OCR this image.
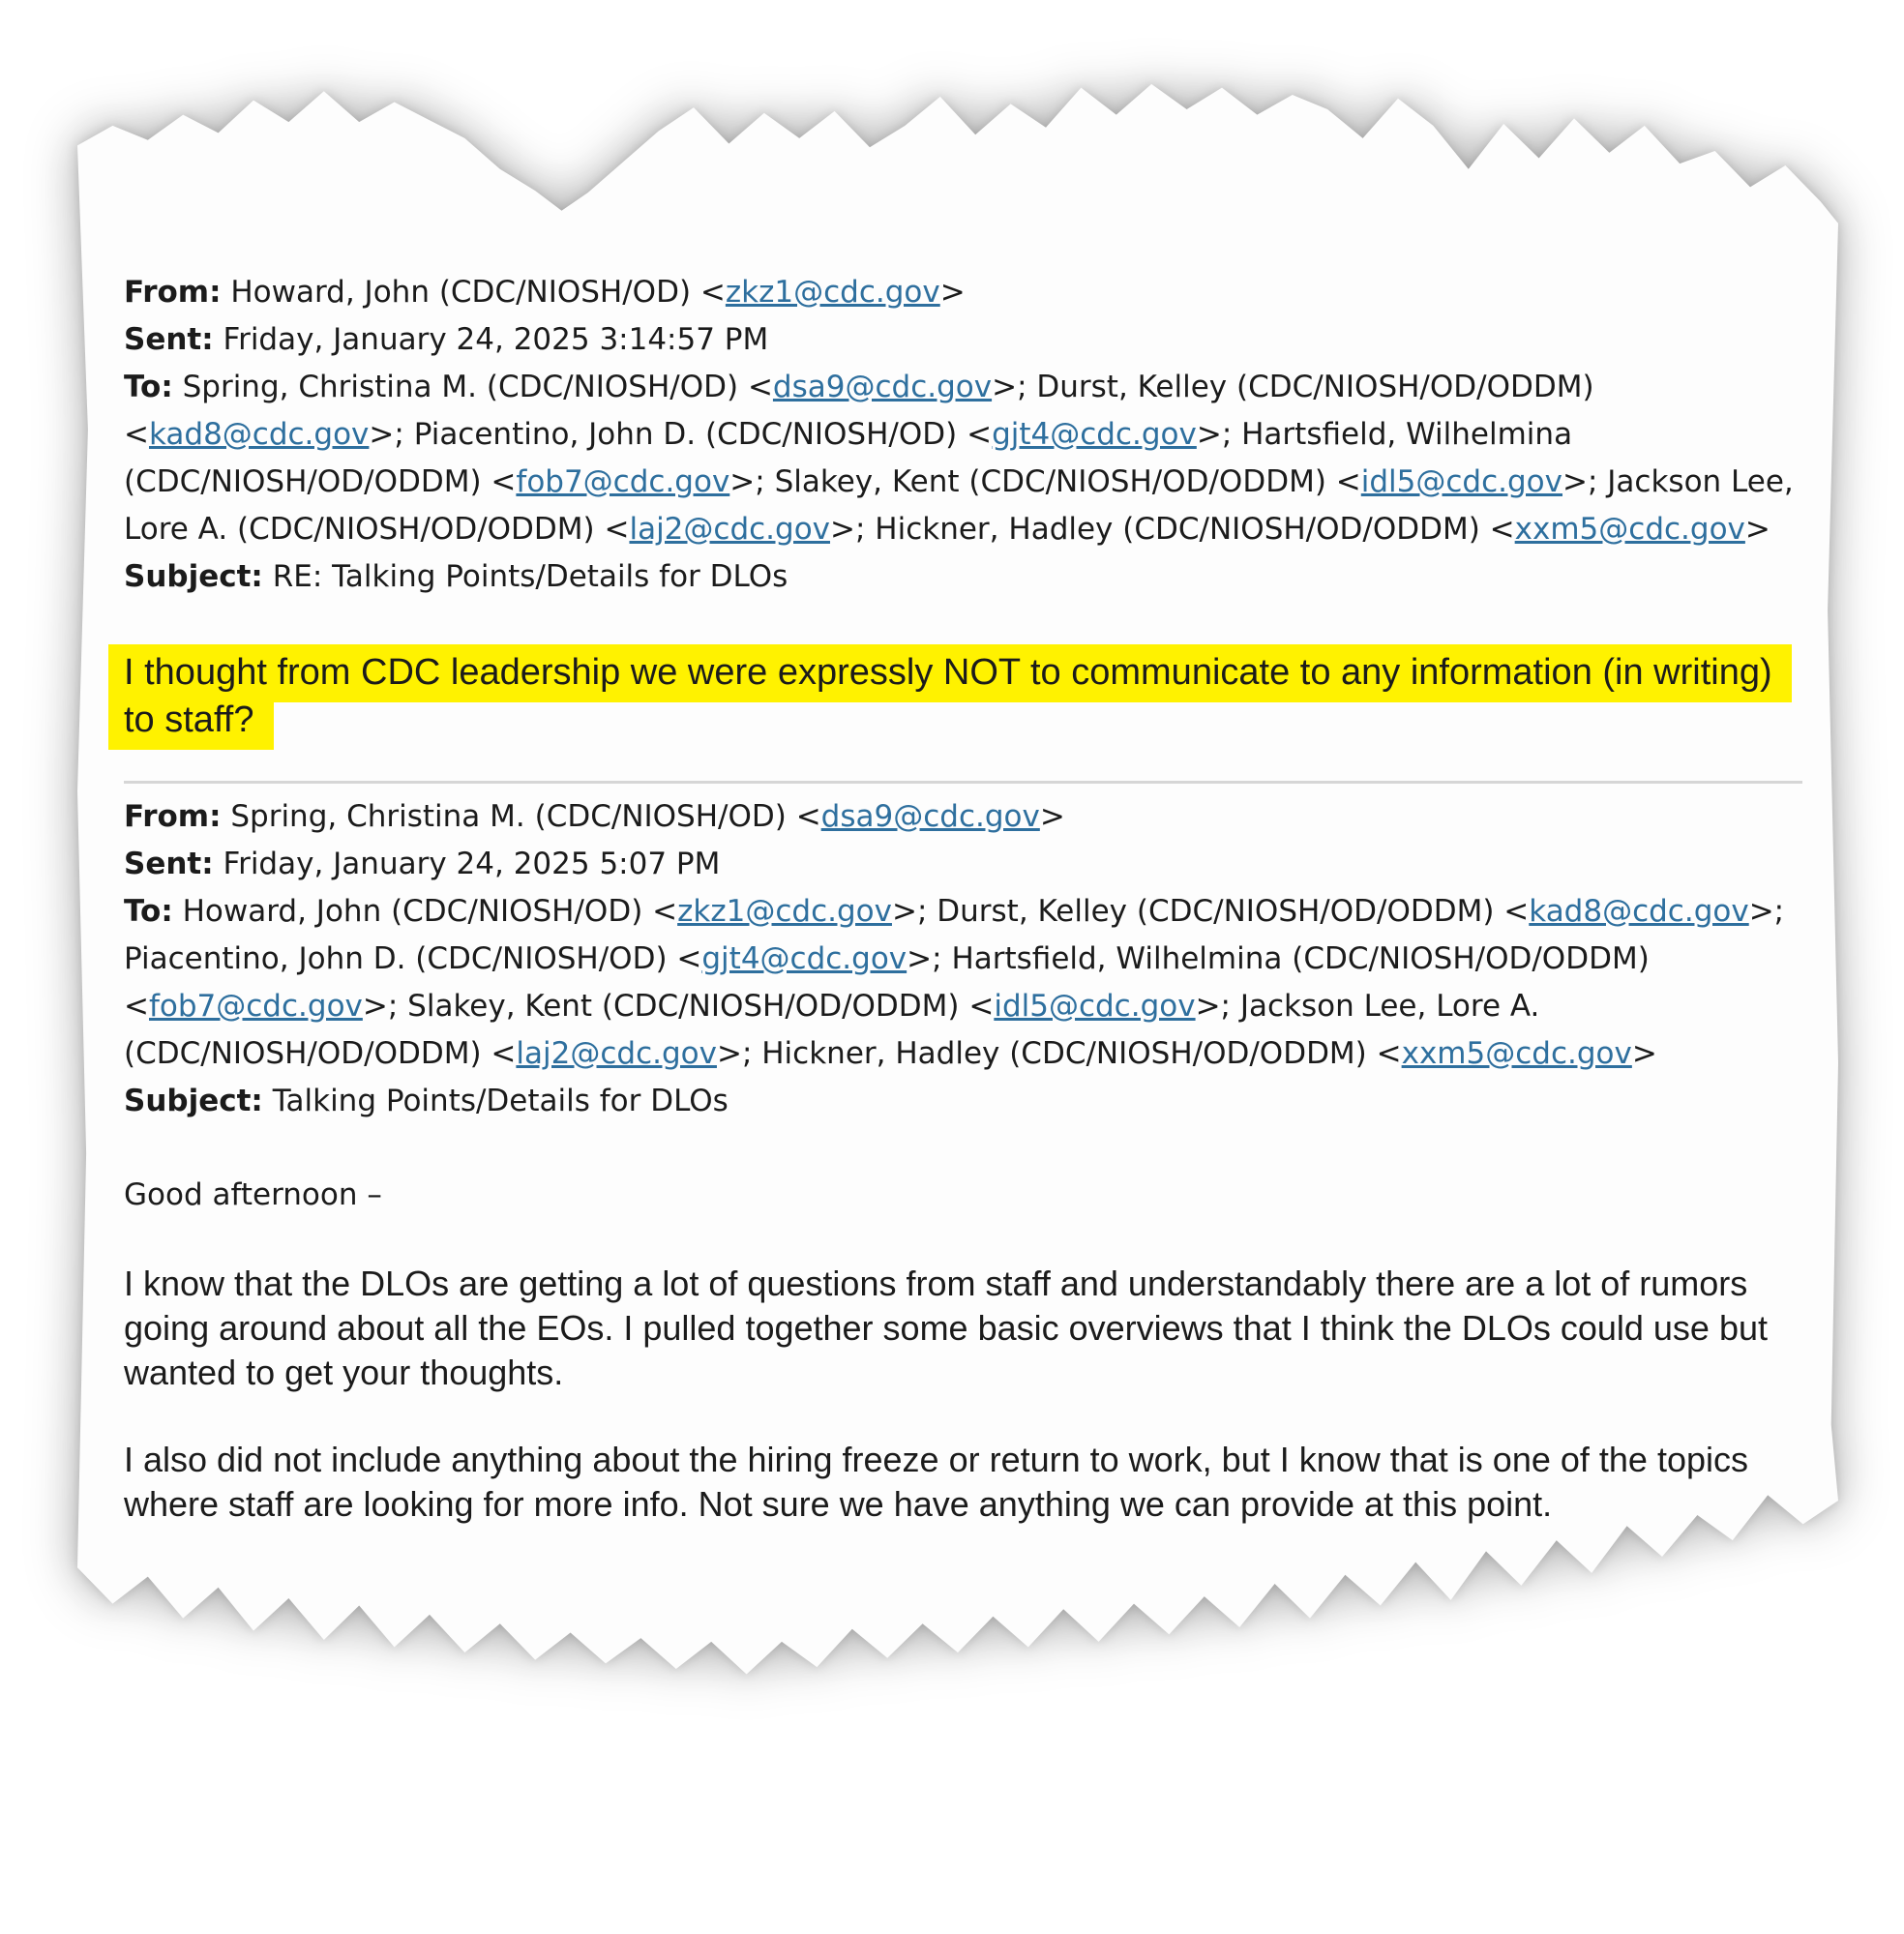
From: Howard, John (CDC/NIOSH/OD) <zkz1@cdc.gov>
Sent: Friday, January 24, 2025 3:14:57 PM
To: Spring, Christina M. (CDC/NIOSH/OD) <dsa9@cdc.gov>; Durst, Kelley (CDC/NIOSH/OD/ODDM) <kad8@cdc.gov>; Piacentino, John D. (CDC/NIOSH/OD) <gjt4@cdc.gov>; Hartsfield, Wilhelmina (CDC/NIOSH/OD/ODDM) <fob7@cdc.gov>; Slakey, Kent (CDC/NIOSH/OD/ODDM) <idl5@cdc.gov>; Jackson Lee, Lore A. (CDC/NIOSH/OD/ODDM) <laj2@cdc.gov>; Hickner, Hadley (CDC/NIOSH/OD/ODDM) <xxm5@cdc.gov>
Subject: RE: Talking Points/Details for DLOs
I thought from CDC leadership we were expressly NOT to communicate to any information (in writing) to staff?
From: Spring, Christina M. (CDC/NIOSH/OD) <dsa9@cdc.gov>
Sent: Friday, January 24, 2025 5:07 PM
To: Howard, John (CDC/NIOSH/OD) <zkz1@cdc.gov>; Durst, Kelley (CDC/NIOSH/OD/ODDM) <kad8@cdc.gov>; Piacentino, John D. (CDC/NIOSH/OD) <gjt4@cdc.gov>; Hartsfield, Wilhelmina (CDC/NIOSH/OD/ODDM) <fob7@cdc.gov>; Slakey, Kent (CDC/NIOSH/OD/ODDM) <idl5@cdc.gov>; Jackson Lee, Lore A. (CDC/NIOSH/OD/ODDM) <laj2@cdc.gov>; Hickner, Hadley (CDC/NIOSH/OD/ODDM) <xxm5@cdc.gov>
Subject: Talking Points/Details for DLOs
Good afternoon –
I know that the DLOs are getting a lot of questions from staff and understandably there are a lot of rumors going around about all the EOs. I pulled together some basic overviews that I think the DLOs could use but wanted to get your thoughts.
I also did not include anything about the hiring freeze or return to work, but I know that is one of the topics where staff are looking for more info. Not sure we have anything we can provide at this point.
